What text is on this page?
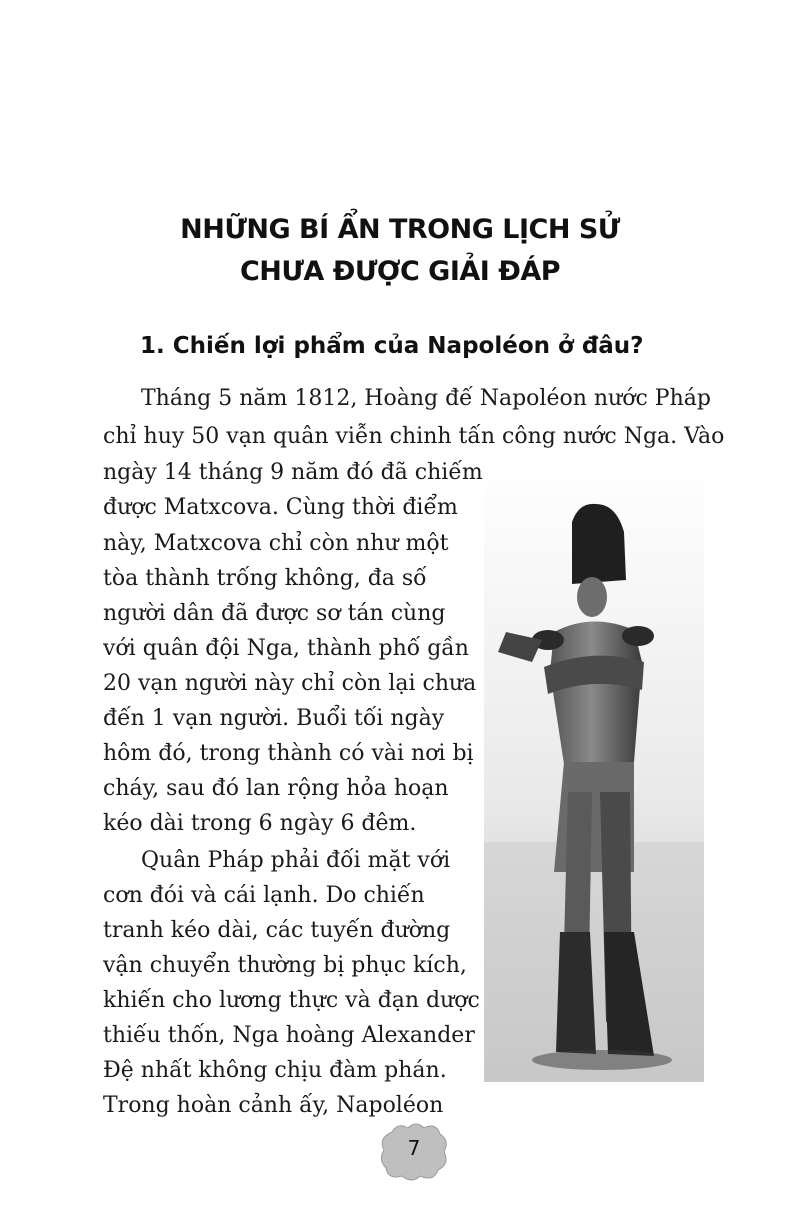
NHỮNG BÍ ẨN TRONG LỊCH SỬ
CHƯA ĐƯỢC GIẢI ĐÁP
1. Chiến lợi phẩm của Napoléon ở đâu?
Tháng 5 năm 1812, Hoàng đế Napoléon nước Pháp
chỉ huy 50 vạn quân viễn chinh tấn công nước Nga. Vào
ngày 14 tháng 9 năm đó đã chiếm
được Matxcova. Cùng thời điểm
này, Matxcova chỉ còn như một
tòa thành trống không, đa số
người dân đã được sơ tán cùng
với quân đội Nga, thành phố gần
20 vạn người này chỉ còn lại chưa
đến 1 vạn người. Buổi tối ngày
hôm đó, trong thành có vài nơi bị
cháy, sau đó lan rộng hỏa hoạn
kéo dài trong 6 ngày 6 đêm.
Quân Pháp phải đối mặt với
cơn đói và cái lạnh. Do chiến
tranh kéo dài, các tuyến đường
vận chuyển thường bị phục kích,
khiến cho lương thực và đạn dược
thiếu thốn, Nga hoàng Alexander
Đệ nhất không chịu đàm phán.
Trong hoàn cảnh ấy, Napoléon
7
